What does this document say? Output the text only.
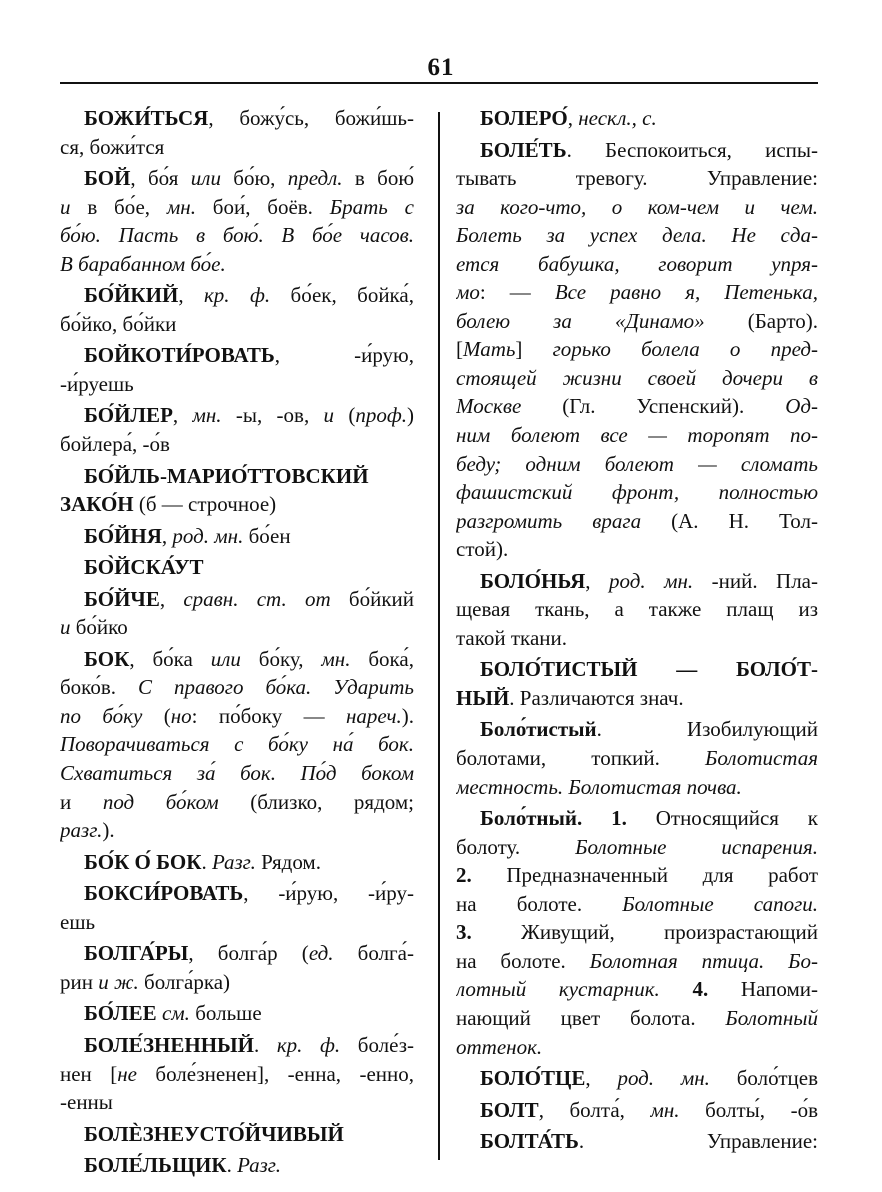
61
БОЖИ́ТЬСЯ, божу́сь, божи́шь-
ся, божи́тся
БОЙ, бо́я или бо́ю, предл. в бою́
и в бо́е, мн. бои́, боёв. Брать с
бо́ю. Пасть в бою́. В бо́е часов.
В барабанном бо́е.
БО́ЙКИЙ, кр. ф. бо́ек, бойка́,
бо́йко, бо́йки
БОЙКОТИ́РОВАТЬ, -и́рую,
-и́руешь
БО́ЙЛЕР, мн. -ы, -ов, и (проф.)
бойлера́, -о́в
БО́ЙЛЬ-МАРИО́ТТОВСКИЙ
ЗАКО́Н (б — строчное)
БО́ЙНЯ, род. мн. бо́ен
БО̀ЙСКА́УТ
БО́ЙЧЕ, сравн. ст. от бо́йкий
и бо́йко
БОК, бо́ка или бо́ку, мн. бока́,
боко́в. С правого бо́ка. Ударить
по бо́ку (но: по́боку — нареч.).
Поворачиваться с бо́ку на́ бок.
Схватиться за́ бок. По́д боком
и под бо́ком (близко, рядом;
разг.).
БО́К О́ БОК. Разг. Рядом.
БОКСИ́РОВАТЬ, -и́рую, -и́ру-
ешь
БОЛГА́РЫ, болга́р (ед. болга́-
рин и ж. болга́рка)
БО́ЛЕЕ см. больше
БОЛЕ́ЗНЕННЫЙ. кр. ф. боле́з-
нен [не боле́зненен], -енна, -енно,
-енны
БОЛЀЗНЕУСТО́ЙЧИВЫЙ
БОЛЕ́ЛЬЩИК. Разг.
БОЛЕРО́, нескл., с.
БОЛЕ́ТЬ. Беспокоиться, испы-
тывать тревогу. Управление:
за кого-что, о ком-чем и чем.
Болеть за успех дела. Не сда-
ется бабушка, говорит упря-
мо: — Все равно я, Петенька,
болею за «Динамо» (Барто).
[Мать] горько болела о пред-
стоящей жизни своей дочери в
Москве (Гл. Успенский). Од-
ним болеют все — торопят по-
беду; одним болеют — сломать
фашистский фронт, полностью
разгромить врага (А. Н. Тол-
стой).
БОЛО́НЬЯ, род. мн. -ний. Пла-
щевая ткань, а также плащ из
такой ткани.
БОЛО́ТИСТЫЙ — БОЛО́Т-
НЫЙ. Различаются знач.
Боло́тистый. Изобилующий
болотами, топкий. Болотистая
местность. Болотистая почва.
Боло́тный. 1. Относящийся к
болоту. Болотные испарения.
2. Предназначенный для работ
на болоте. Болотные сапоги.
3. Живущий, произрастающий
на болоте. Болотная птица. Бо-
лотный кустарник. 4. Напоми-
нающий цвет болота. Болотный
оттенок.
БОЛО́ТЦЕ, род. мн. боло́тцев
БОЛТ, болта́, мн. болты́, -о́в
БОЛТА́ТЬ. Управление:
